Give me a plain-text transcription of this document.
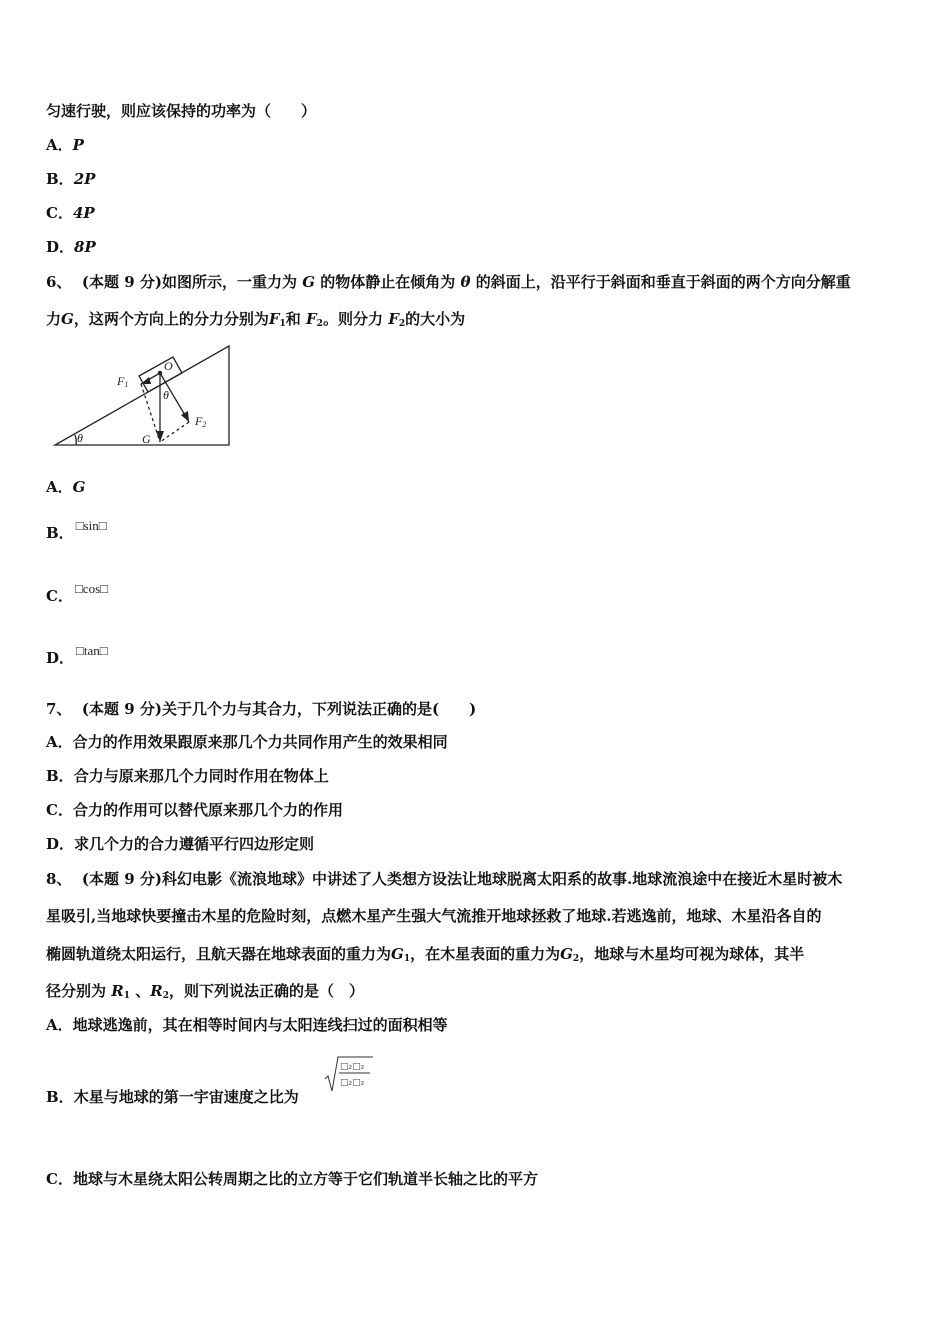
匀速行驶，则应该保持的功率为（　　）
A．P
B．2P
C．4P
D．8P
6、 (本题 9 分)如图所示，一重力为 G 的物体静止在倾角为 θ 的斜面上，沿平行于斜面和垂直于斜面的两个方向分解重
力G，这两个方向上的分力分别为$F_1$和 $F_2$。则分力 $F_2$的大小为
F1
O
θ
F2
G
θ
A．G
B． □sin□
C． □cos□
D． □tan□
7、 (本题 9 分)关于几个力与其合力，下列说法正确的是(　　)
A．合力的作用效果跟原来那几个力共同作用产生的效果相同
B．合力与原来那几个力同时作用在物体上
C．合力的作用可以替代原来那几个力的作用
D．求几个力的合力遵循平行四边形定则
8、 (本题 9 分)科幻电影《流浪地球》中讲述了人类想方设法让地球脱离太阳系的故事.地球流浪途中在接近木星时被木
星吸引,当地球快要撞击木星的危险时刻，点燃木星产生强大气流推开地球拯救了地球.若逃逸前，地球、木星沿各自的
椭圆轨道绕太阳运行，且航天器在地球表面的重力为$G_1$，在木星表面的重力为$G_2$，地球与木星均可视为球体，其半
径分别为 $R_1$ 、$R_2$，则下列说法正确的是（　）
A．地球逃逸前，其在相等时间内与太阳连线扫过的面积相等
B．木星与地球的第一宇宙速度之比为
□₂□₂
□₂□₂
C．地球与木星绕太阳公转周期之比的立方等于它们轨道半长轴之比的平方
